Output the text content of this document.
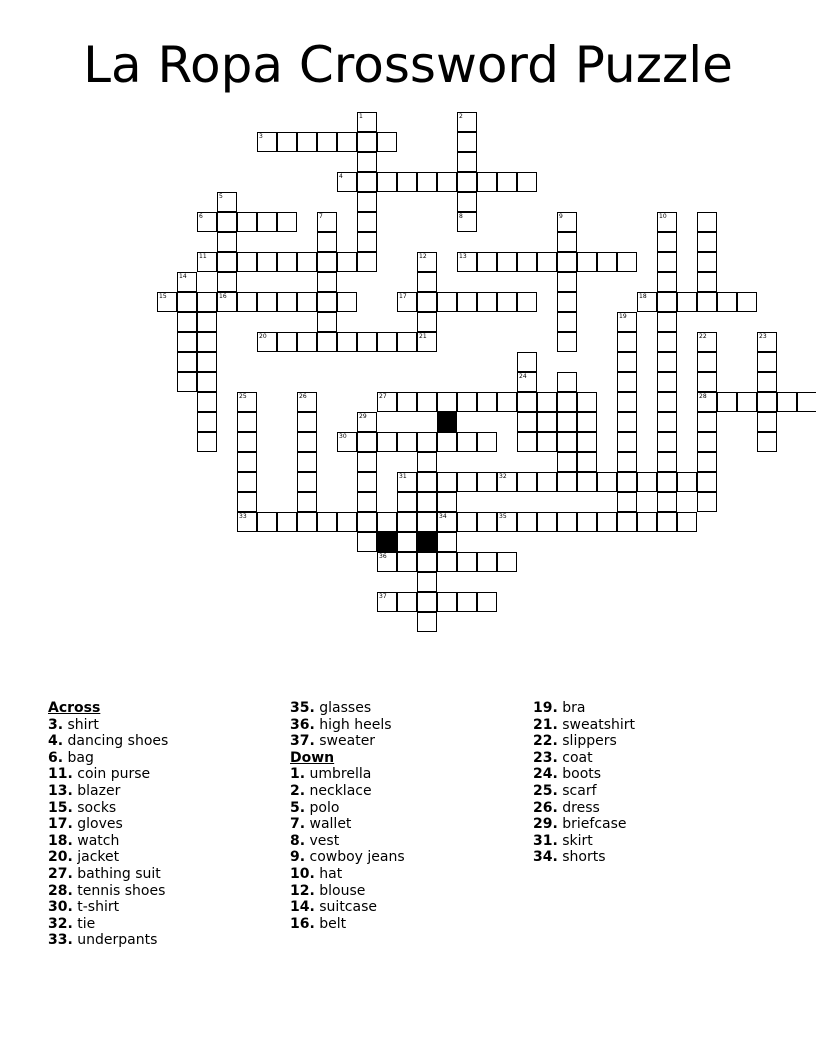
La Ropa Crossword Puzzle
1	2
3
4
5
6	7	8	9	10
11	12	13
14
15	16	17	18
19
20	21	22	23
24
25	26	27	28
29
30
31	32
33	34	35
36
37
Across
3. shirt
4. dancing shoes
6. bag
11. coin purse
13. blazer
15. socks
17. gloves
18. watch
20. jacket
27. bathing suit
28. tennis shoes
30. t-shirt
32. tie
33. underpants
35. glasses
36. high heels
37. sweater
Down
1. umbrella
2. necklace
5. polo
7. wallet
8. vest
9. cowboy jeans
10. hat
12. blouse
14. suitcase
16. belt
19. bra
21. sweatshirt
22. slippers
23. coat
24. boots
25. scarf
26. dress
29. briefcase
31. skirt
34. shorts
